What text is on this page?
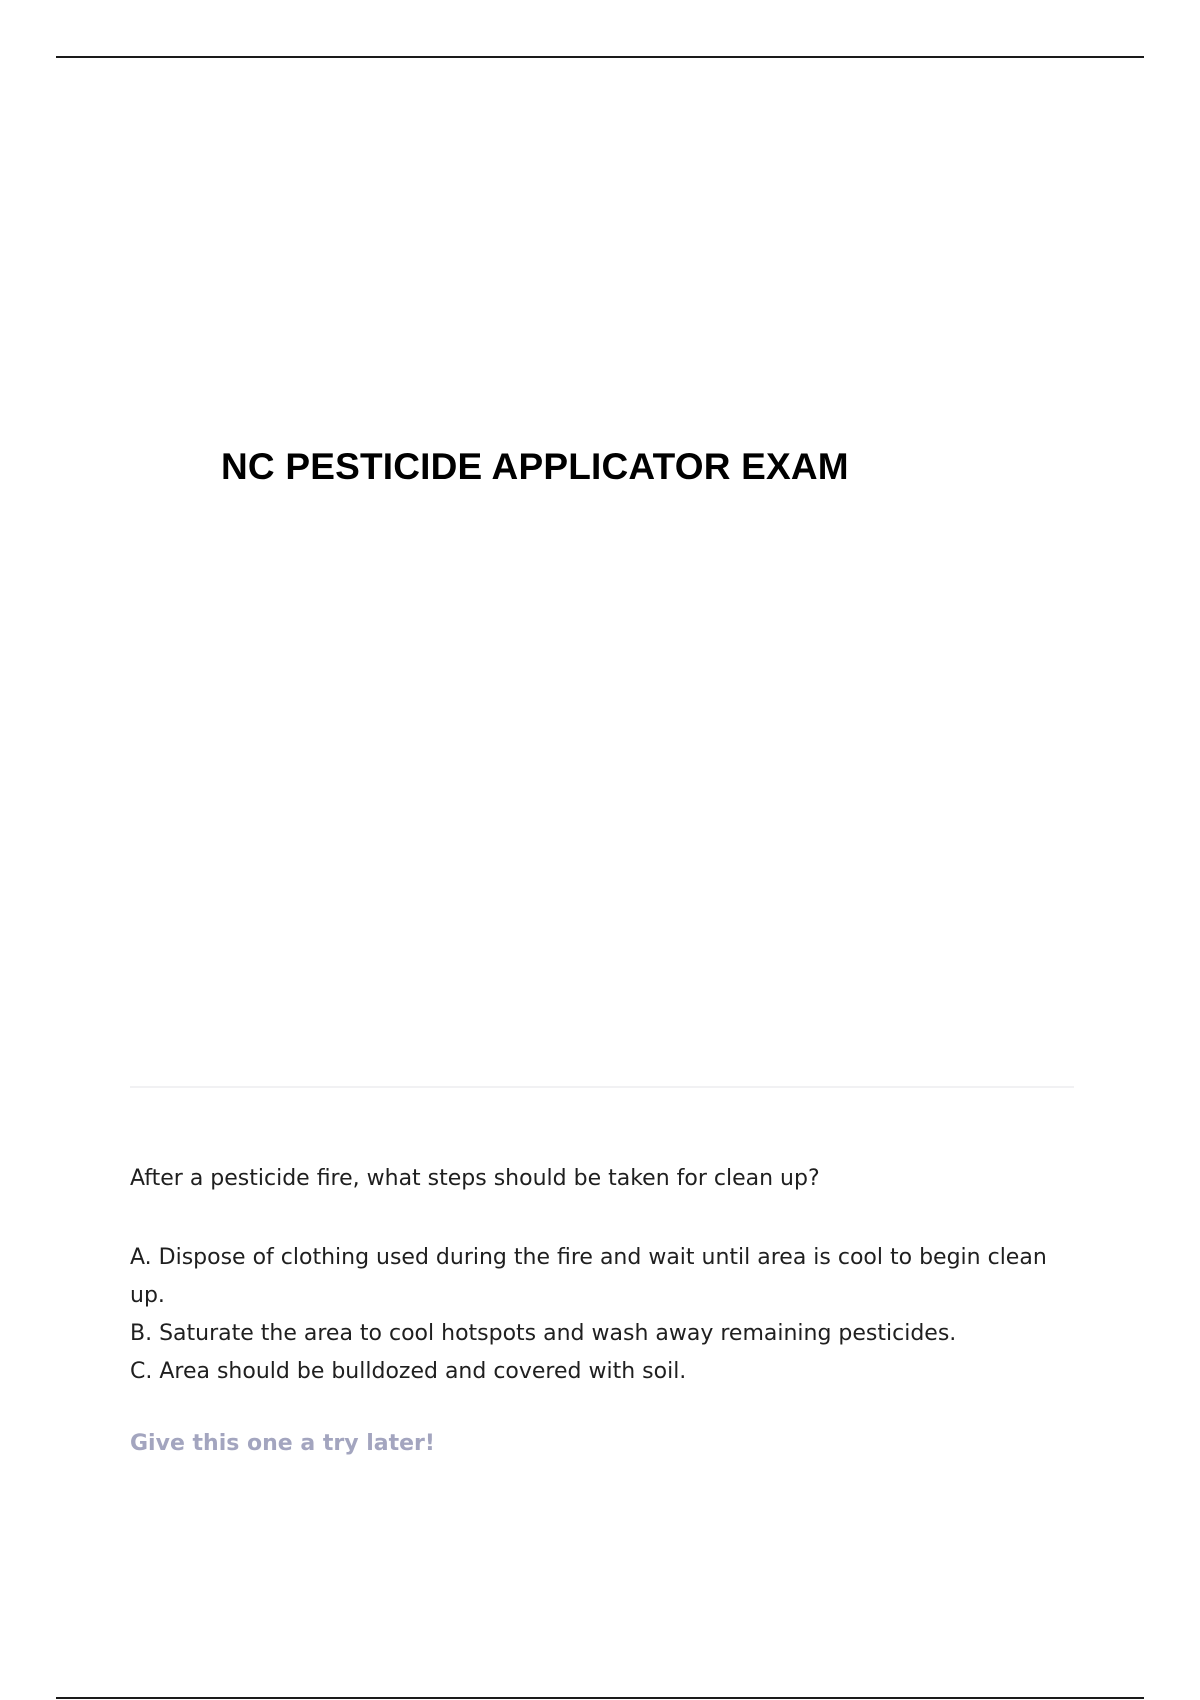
NC PESTICIDE APPLICATOR EXAM

After a pesticide fire, what steps should be taken for clean up?

A. Dispose of clothing used during the fire and wait until area is cool to begin clean up.
B. Saturate the area to cool hotspots and wash away remaining pesticides.
C. Area should be bulldozed and covered with soil.
Give this one a try later!
